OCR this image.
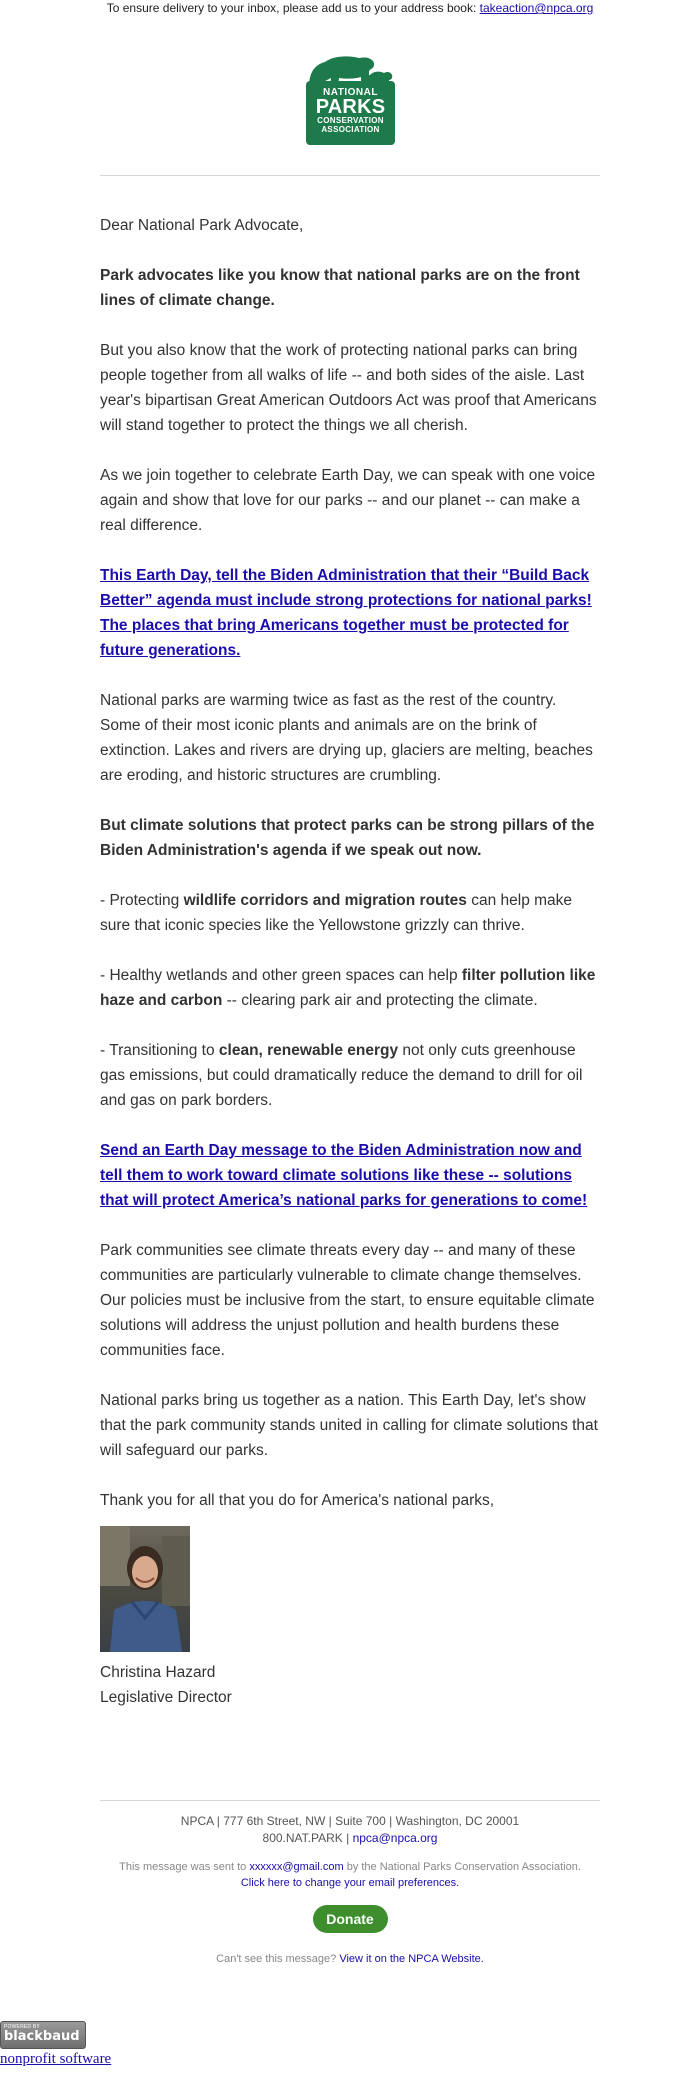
To ensure delivery to your inbox, please add us to your address book: takeaction@npca.org
NATIONAL
PARKS
CONSERVATION
ASSOCIATION

Dear National Park Advocate,

Park advocates like you know that national parks are on the front lines of climate change.

But you also know that the work of protecting national parks can bring people together from all walks of life -- and both sides of the aisle. Last year's bipartisan Great American Outdoors Act was proof that Americans will stand together to protect the things we all cherish.

As we join together to celebrate Earth Day, we can speak with one voice again and show that love for our parks -- and our planet -- can make a real difference.

This Earth Day, tell the Biden Administration that their “Build Back Better” agenda must include strong protections for national parks! The places that bring Americans together must be protected for future generations.

National parks are warming twice as fast as the rest of the country. Some of their most iconic plants and animals are on the brink of extinction. Lakes and rivers are drying up, glaciers are melting, beaches are eroding, and historic structures are crumbling.

But climate solutions that protect parks can be strong pillars of the Biden Administration's agenda if we speak out now.

- Protecting wildlife corridors and migration routes can help make sure that iconic species like the Yellowstone grizzly can thrive.

- Healthy wetlands and other green spaces can help filter pollution like haze and carbon -- clearing park air and protecting the climate.

- Transitioning to clean, renewable energy not only cuts greenhouse gas emissions, but could dramatically reduce the demand to drill for oil and gas on park borders.

Send an Earth Day message to the Biden Administration now and tell them to work toward climate solutions like these -- solutions that will protect America’s national parks for generations to come!

Park communities see climate threats every day -- and many of these communities are particularly vulnerable to climate change themselves. Our policies must be inclusive from the start, to ensure equitable climate solutions will address the unjust pollution and health burdens these communities face.

National parks bring us together as a nation. This Earth Day, let's show that the park community stands united in calling for climate solutions that will safeguard our parks.

Thank you for all that you do for America's national parks,

Christina Hazard
Legislative Director
NPCA | 777 6th Street, NW | Suite 700 | Washington, DC 20001
800.NAT.PARK | npca@npca.org
This message was sent to xxxxxx@gmail.com by the National Parks Conservation Association.
Click here to change your email preferences.
Donate
Can't see this message? View it on the NPCA Website.
POWERED BY
blackbaud
nonprofit software
